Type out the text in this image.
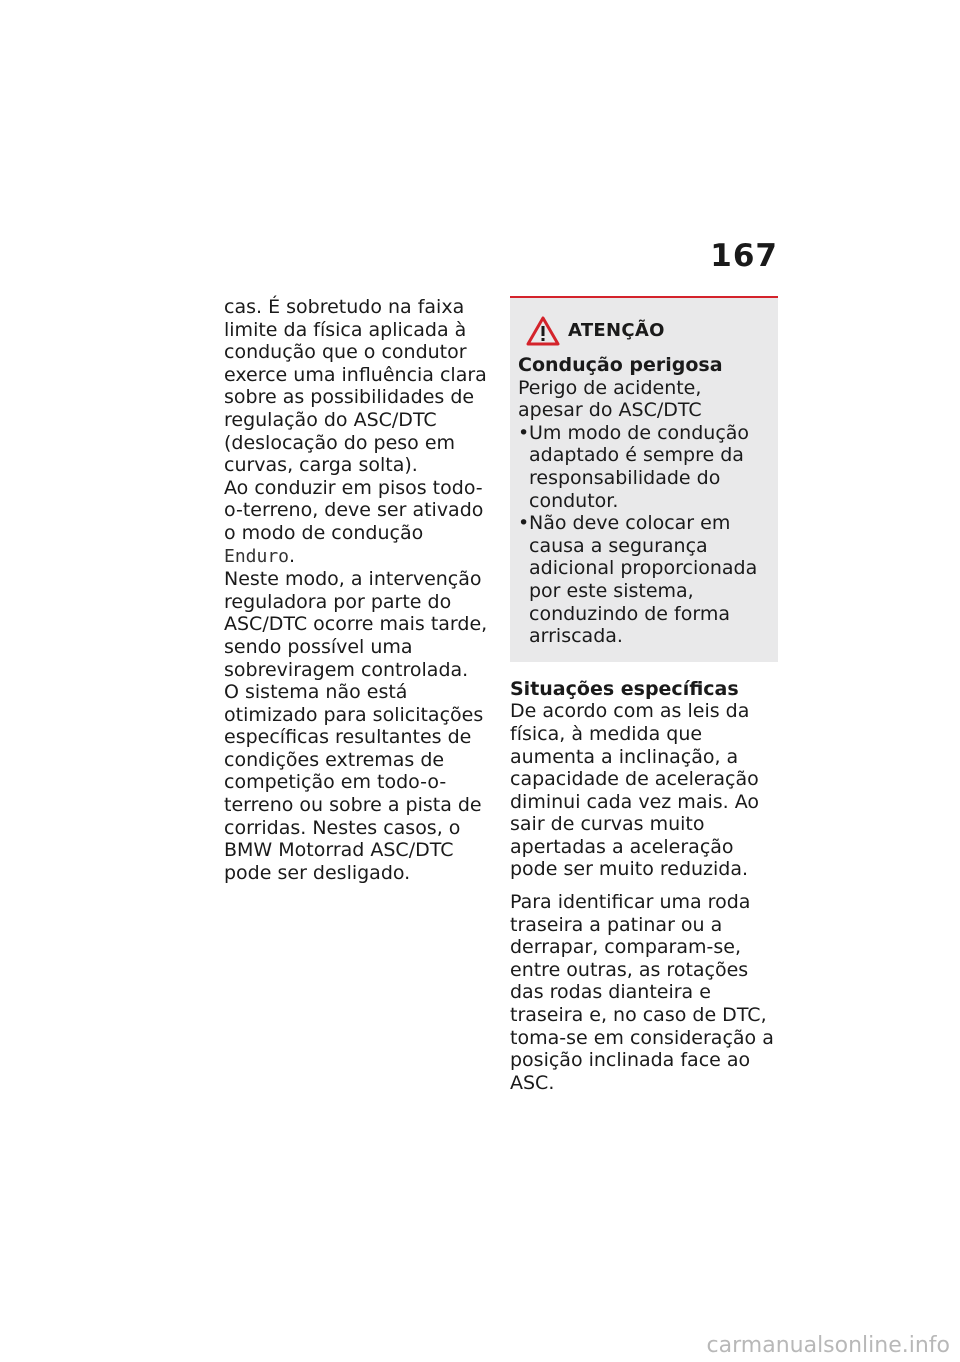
167

cas. É sobretudo na faixa limite da física aplicada à condução que o condutor exerce uma influência clara sobre as possibilidades de regulação do ASC/DTC (deslocação do peso em curvas, carga solta).

Ao conduzir em pisos todo-o-terreno, deve ser ativado o modo de condução Enduro.

Neste modo, a intervenção reguladora por parte do ASC/DTC ocorre mais tarde, sendo possível uma sobreviragem controlada.

O sistema não está otimizado para solicitações específicas resultantes de condições extremas de competição em todo-o-terreno ou sobre a pista de corridas. Nestes casos, o BMW Motorrad ASC/DTC pode ser desligado.

ATENÇÃO

Condução perigosa

Perigo de acidente, apesar do ASC/DTC

• Um modo de condução adaptado é sempre da responsabilidade do condutor.
• Não deve colocar em causa a segurança adicional proporcionada por este sistema, conduzindo de forma arriscada.

Situações específicas

De acordo com as leis da física, à medida que aumenta a inclinação, a capacidade de aceleração diminui cada vez mais. Ao sair de curvas muito apertadas a aceleração pode ser muito reduzida.

Para identificar uma roda traseira a patinar ou a derrapar, comparam-se, entre outras, as rotações das rodas dianteira e traseira e, no caso de DTC, toma-se em consideração a posição inclinada face ao ASC.

carmanualsonline.info
